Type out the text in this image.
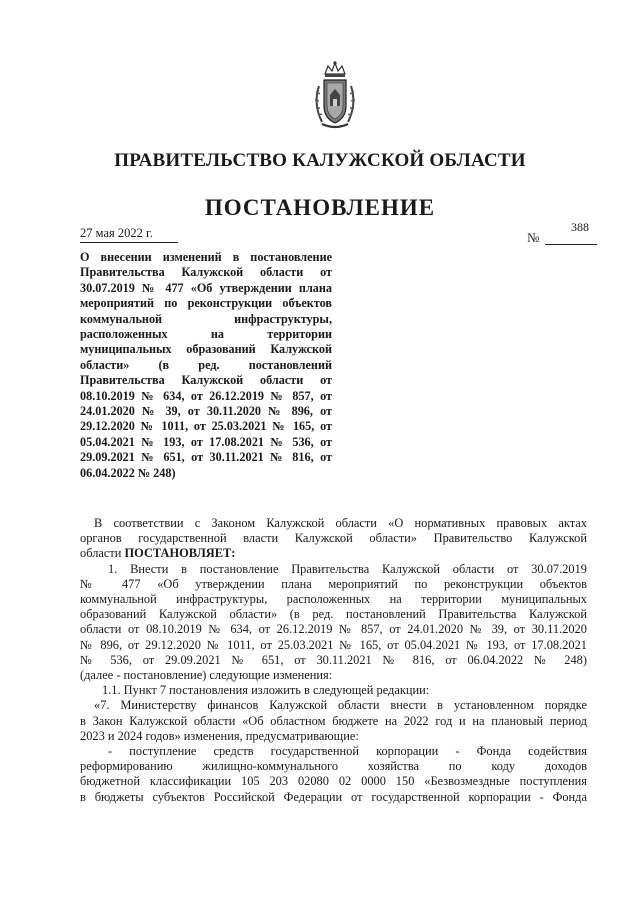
ПРАВИТЕЛЬСТВО КАЛУЖСКОЙ ОБЛАСТИ
ПОСТАНОВЛЕНИЕ
27 мая 2022 г.	№
388
О внесении изменений в постановление
Правительства Калужской области от
30.07.2019 № 477 «Об утверждении плана
мероприятий по реконструкции объектов
коммунальной инфраструктуры,
расположенных на территории
муниципальных образований Калужской
области» (в ред. постановлений
Правительства Калужской области от
08.10.2019 № 634, от 26.12.2019 № 857, от
24.01.2020 № 39, от 30.11.2020 № 896, от
29.12.2020 № 1011, от 25.03.2021 № 165, от
05.04.2021 № 193, от 17.08.2021 № 536, от
29.09.2021 № 651, от 30.11.2021 № 816, от
06.04.2022 № 248)
В соответствии с Законом Калужской области «О нормативных правовых актах
органов государственной власти Калужской области» Правительство Калужской
области ПОСТАНОВЛЯЕТ:
1. Внести в постановление Правительства Калужской области от 30.07.2019
№ 477 «Об утверждении плана мероприятий по реконструкции объектов
коммунальной инфраструктуры, расположенных на территории муниципальных
образований Калужской области» (в ред. постановлений Правительства Калужской
области от 08.10.2019 № 634, от 26.12.2019 № 857, от 24.01.2020 № 39, от 30.11.2020
№ 896, от 29.12.2020 № 1011, от 25.03.2021 № 165, от 05.04.2021 № 193, от 17.08.2021
№ 536, от 29.09.2021 № 651, от 30.11.2021 № 816, от 06.04.2022 № 248)
(далее - постановление) следующие изменения:
1.1. Пункт 7 постановления изложить в следующей редакции:
«7. Министерству финансов Калужской области внести в установленном порядке
в Закон Калужской области «Об областном бюджете на 2022 год и на плановый период
2023 и 2024 годов» изменения, предусматривающие:
- поступление средств государственной корпорации - Фонда содействия
реформированию жилищно-коммунального хозяйства по коду доходов
бюджетной классификации 105 203 02080 02 0000 150 «Безвозмездные поступления
в бюджеты субъектов Российской Федерации от государственной корпорации - Фонда
